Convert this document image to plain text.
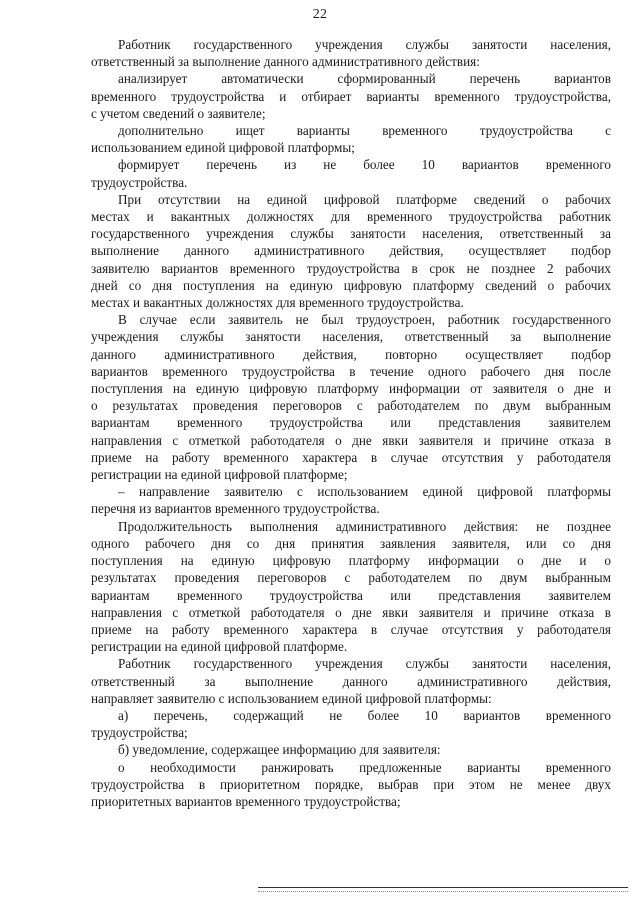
22

Работник государственного учреждения службы занятости населения,

ответственный за выполнение данного административного действия:

анализирует автоматически сформированный перечень вариантов

временного трудоустройства и отбирает варианты временного трудоустройства,

с учетом сведений о заявителе;

дополнительно ищет варианты временного трудоустройства с

использованием единой цифровой платформы;

формирует перечень из не более 10 вариантов временного

трудоустройства.

При отсутствии на единой цифровой платформе сведений о рабочих

местах и вакантных должностях для временного трудоустройства работник

государственного учреждения службы занятости населения, ответственный за

выполнение данного административного действия, осуществляет подбор

заявителю вариантов временного трудоустройства в срок не позднее 2 рабочих

дней со дня поступления на единую цифровую платформу сведений о рабочих

местах и вакантных должностях для временного трудоустройства.

В случае если заявитель не был трудоустроен, работник государственного

учреждения службы занятости населения, ответственный за выполнение

данного административного действия, повторно осуществляет подбор

вариантов временного трудоустройства в течение одного рабочего дня после

поступления на единую цифровую платформу информации от заявителя о дне и

о результатах проведения переговоров с работодателем по двум выбранным

вариантам временного трудоустройства или представления заявителем

направления с отметкой работодателя о дне явки заявителя и причине отказа в

приеме на работу временного характера в случае отсутствия у работодателя

регистрации на единой цифровой платформе;

– направление заявителю с использованием единой цифровой платформы

перечня из вариантов временного трудоустройства.

Продолжительность выполнения административного действия: не позднее

одного рабочего дня со дня принятия заявления заявителя, или со дня

поступления на единую цифровую платформу информации о дне и о

результатах проведения переговоров с работодателем по двум выбранным

вариантам временного трудоустройства или представления заявителем

направления с отметкой работодателя о дне явки заявителя и причине отказа в

приеме на работу временного характера в случае отсутствия у работодателя

регистрации на единой цифровой платформе.

Работник государственного учреждения службы занятости населения,

ответственный за выполнение данного административного действия,

направляет заявителю с использованием единой цифровой платформы:

а) перечень, содержащий не более 10 вариантов временного

трудоустройства;

б) уведомление, содержащее информацию для заявителя:

о необходимости ранжировать предложенные варианты временного

трудоустройства в приоритетном порядке, выбрав при этом не менее двух

приоритетных вариантов временного трудоустройства;
